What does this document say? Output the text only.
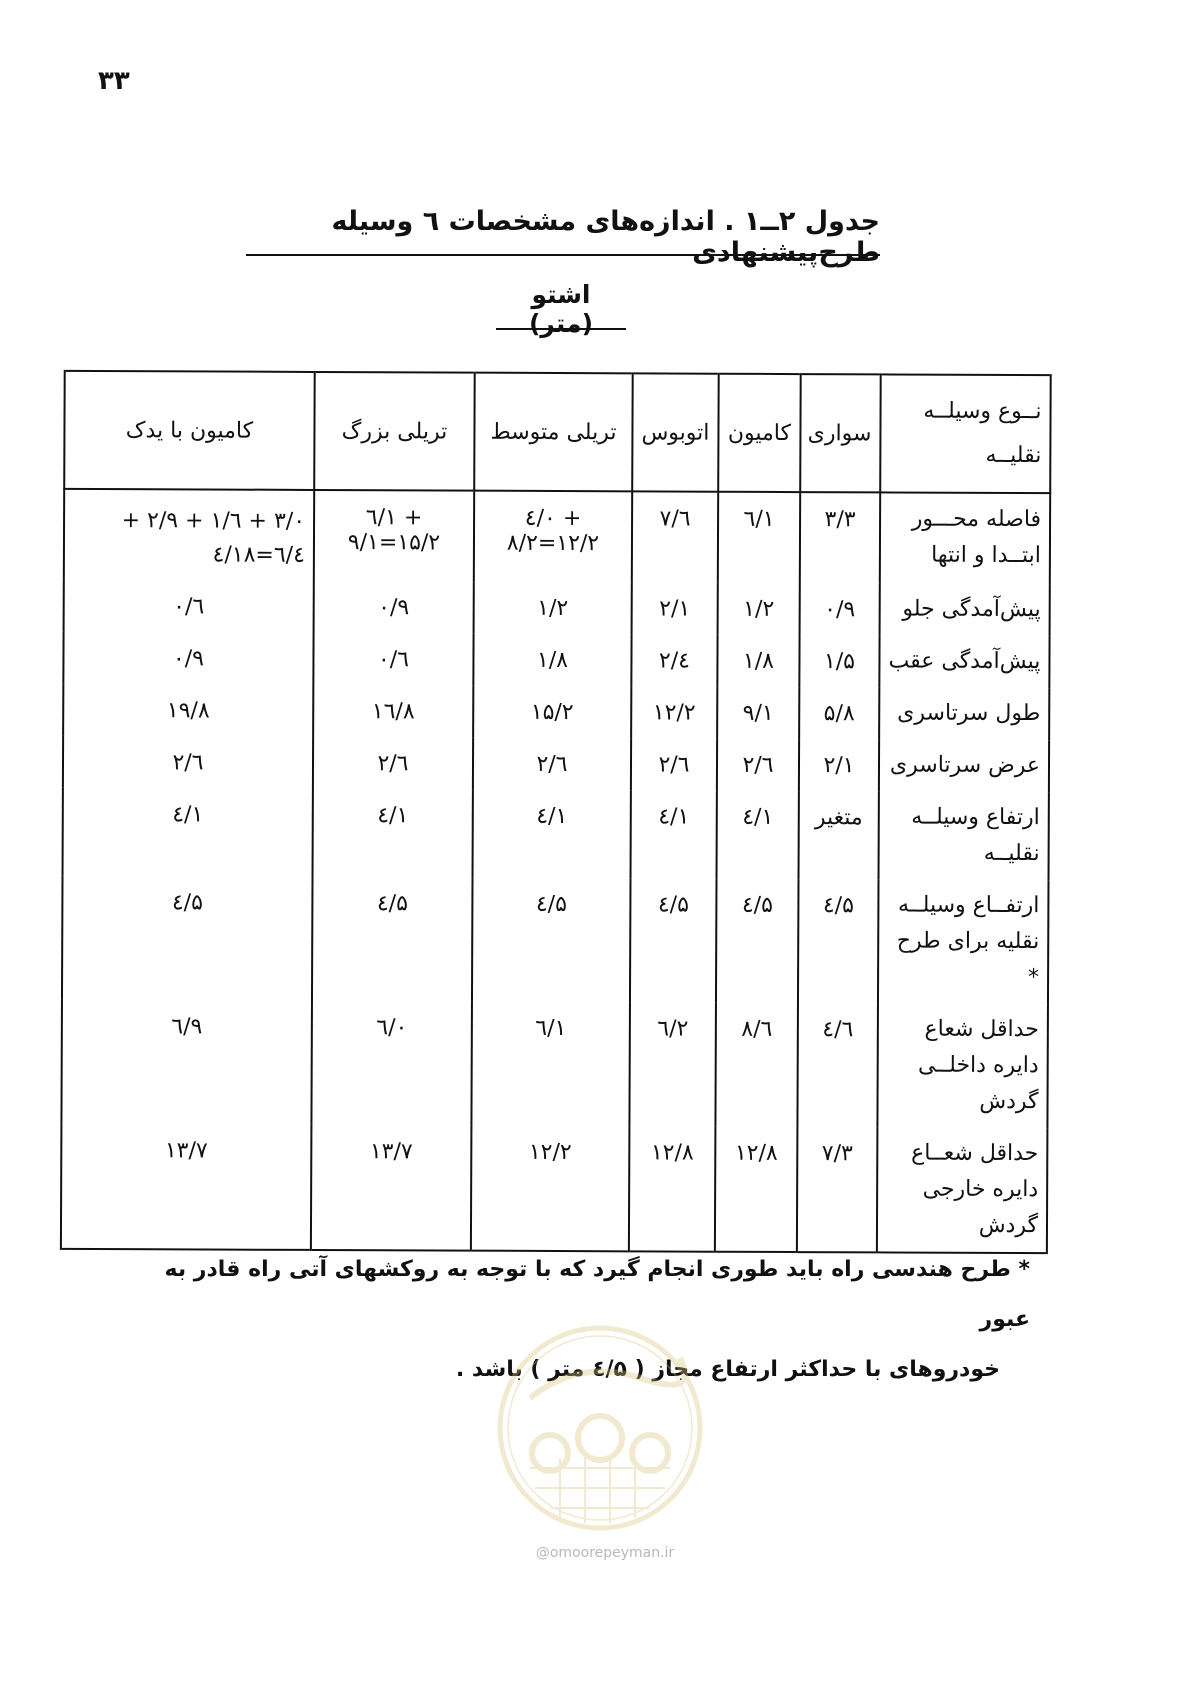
۳۳
جدول ۲ــ۱ . اندازه‌های مشخصات ٦ وسیله طرح‌پیشنهادی
اشتو (متر)
نــوع وسیلــه نقلیــه	سواری	کامیون	اتوبوس	تریلی متوسط	تریلی بزرگ	کامیون با یدک
فاصله محـــور ابتــدا و انتها	۳/۳	٦/۱	۷/٦	٤/۰ + ۸/۲=۱۲/۲	٦/۱ + ۹/۱=۱۵/۲	۳/۰ + ٦/۱ + ۲/۹ + ٦/٤=۱۸/٤
پیش‌آمدگی جلو	۰/۹	۱/۲	۲/۱	۱/۲	۰/۹	۰/٦
پیش‌آمدگی عقب	۱/۵	۱/۸	۲/٤	۱/۸	۰/٦	۰/۹
طول سرتاسری	۵/۸	۹/۱	۱۲/۲	۱۵/۲	۱٦/۸	۱۹/۸
عرض سرتاسری	۲/۱	۲/٦	۲/٦	۲/٦	۲/٦	۲/٦
ارتفاع وسیلــه نقلیــه	متغیر	٤/۱	٤/۱	٤/۱	٤/۱	٤/۱
ارتفــاع وسیلــه نقلیه برای طرح *	٤/۵	٤/۵	٤/۵	٤/۵	٤/۵	٤/۵
حداقل شعاع دایره داخلــی گردش	٤/٦	۸/٦	٦/۲	٦/۱	٦/۰	٦/۹
حداقل شعــاع دایره خارجی گردش	۷/۳	۱۲/۸	۱۲/۸	۱۲/۲	۱۳/۷	۱۳/۷
* طرح هندسی راه باید طوری انجام گیرد که با توجه به روکشهای آتی راه قادر به عبور
خودروهای با حداکثر ارتفاع مجاز ( ٤/۵ متر ) باشد .
@omoorepeyman.ir
